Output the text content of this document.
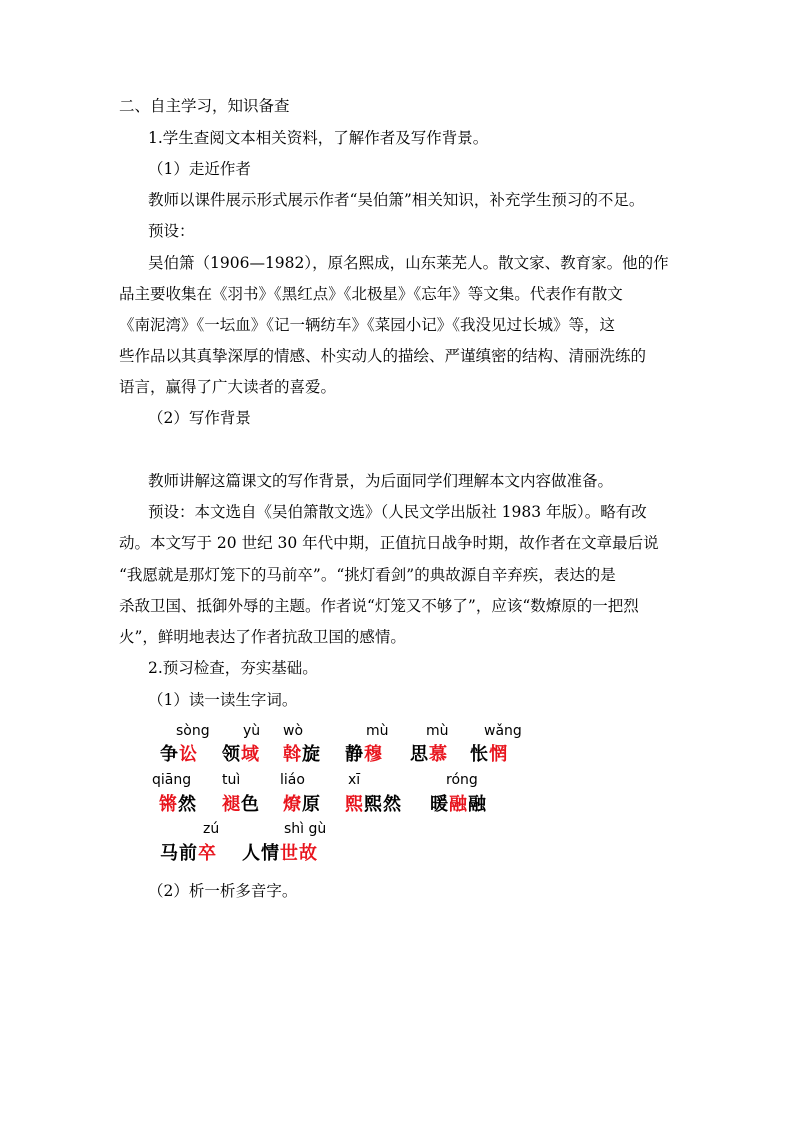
二、自主学习，知识备查

1.学生查阅文本相关资料，了解作者及写作背景。

（1）走近作者

教师以课件展示形式展示作者“吴伯箫”相关知识，补充学生预习的不足。

预设：

吴伯箫（1906—1982），原名熙成，山东莱芜人。散文家、教育家。他的作

品主要收集在《羽书》《黑红点》《北极星》《忘年》等文集。代表作有散文

《南泥湾》《一坛血》《记一辆纺车》《菜园小记》《我没见过长城》等，这

些作品以其真挚深厚的情感、朴实动人的描绘、严谨缜密的结构、清丽洗练的

语言，赢得了广大读者的喜爱。

（2）写作背景

教师讲解这篇课文的写作背景，为后面同学们理解本文内容做准备。

预设：本文选自《吴伯箫散文选》（人民文学出版社 1983 年版）。略有改

动。本文写于 20 世纪 30 年代中期，正值抗日战争时期，故作者在文章最后说

“我愿就是那灯笼下的马前卒”。“挑灯看剑”的典故源自辛弃疾，表达的是

杀敌卫国、抵御外辱的主题。作者说“灯笼又不够了”，应该“数燎原的一把烈

火”，鲜明地表达了作者抗敌卫国的感情。

2.预习检查，夯实基础。

（1）读一读生字词。

sòng yù wò	mù	mù	wǎng
争讼 领域 斡旋 静穆 思慕 怅惘
qiāng tuì	liáo	xī	róng
锵然 褪色 燎原 熙熙然 暖融融
zú	shì gù
马前卒 人情世故

（2）析一析多音字。
